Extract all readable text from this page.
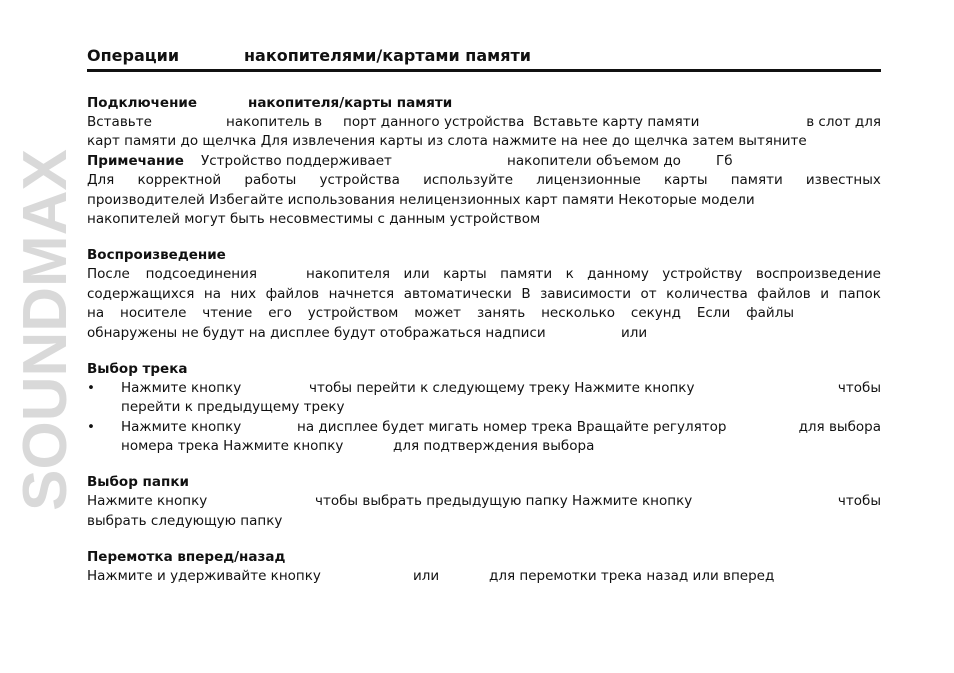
SOUNDMAX
Операции	накопителями/картами памяти
Подключение	накопителя/карты памяти
Вставьте	накопитель в порт данного устройства Вставьте карту памяти	в слот для
карт памяти до щелчка Для извлечения карты из слота нажмите на нее до щелчка затем вытяните
Примечание Устройство поддерживает	накопители объемом до	Гб
Для корректной работы устройства используйте лицензионные карты памяти известных
производителей Избегайте использования нелицензионных карт памяти Некоторые модели
накопителей могут быть несовместимы с данным устройством
Воспроизведение
После подсоединения	накопителя или карты памяти к данному устройству воспроизведение
содержащихся на них файлов начнется автоматически В зависимости от количества файлов и папок
на носителе чтение его устройством может занять несколько секунд Если файлы
обнаружены не будут на дисплее будут отображаться надписи	или
Выбор трека
• Нажмите кнопку	чтобы перейти к следующему треку Нажмите кнопку	чтобы
перейти к предыдущему треку
• Нажмите кнопку	на дисплее будет мигать номер трека Вращайте регулятор	для выбора
номера трека Нажмите кнопку	для подтверждения выбора
Выбор папки
Нажмите кнопку	чтобы выбрать предыдущую папку Нажмите кнопку	чтобы
выбрать следующую папку
Перемотка вперед/назад
Нажмите и удерживайте кнопку	или	для перемотки трека назад или вперед
